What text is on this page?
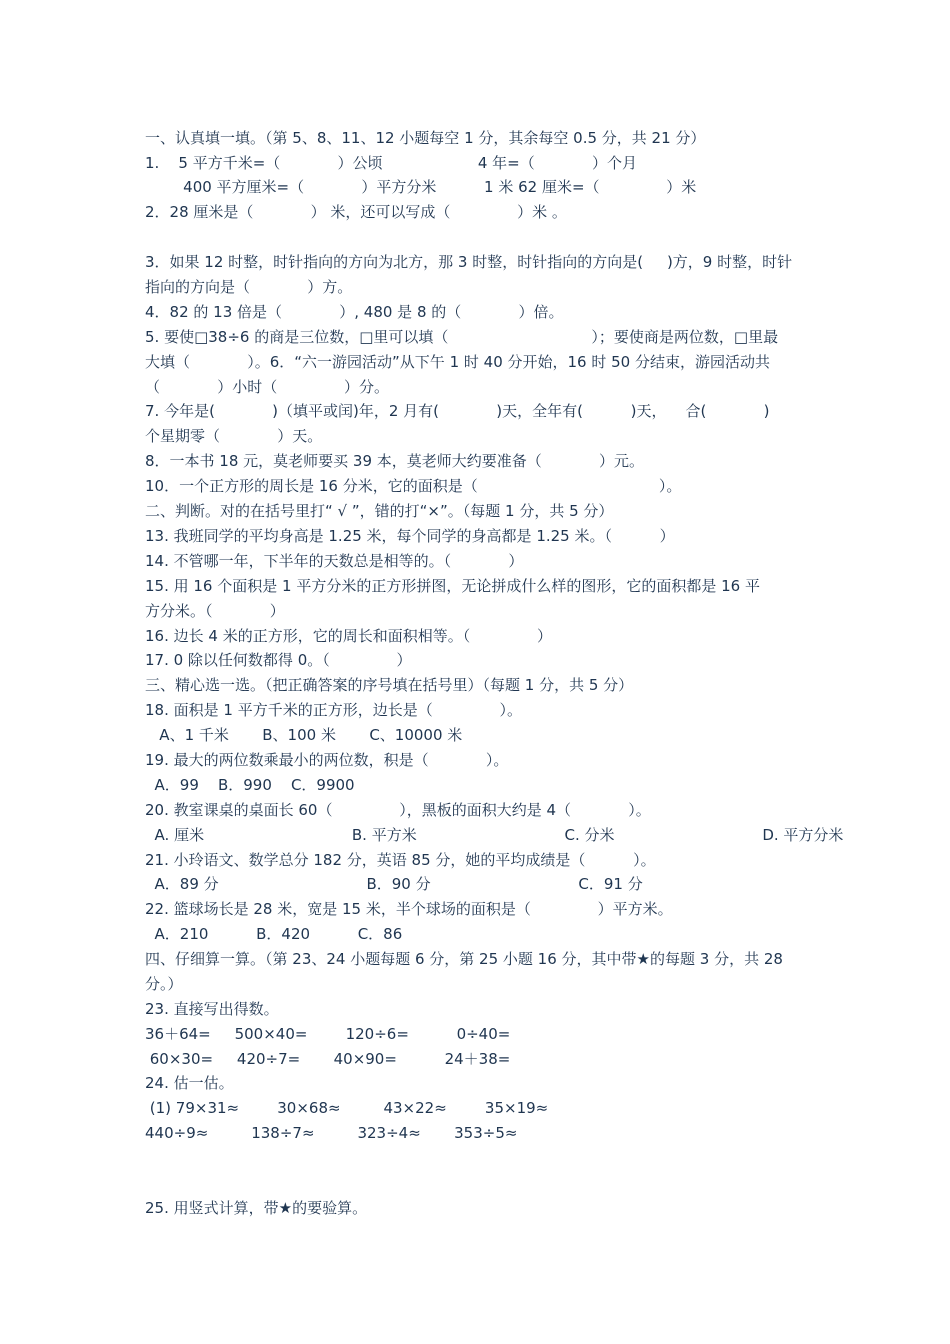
一、认真填一填。（第 5、8、11、12 小题每空 1 分，其余每空 0.5 分，共 21 分）

1.    5 平方千米=（            ）公顷                    4 年=（            ）个月

400 平方厘米=（            ）平方分米          1 米 62 厘米=（              ）米

2．28 厘米是（            ） 米，还可以写成（              ）米 。

3．如果 12 时整，时针指向的方向为北方，那 3 时整，时针指向的方向是(     )方，9 时整，时针

指向的方向是（            ）方。

4．82 的 13 倍是（            ）, 480 是 8 的（            ）倍。

5. 要使□38÷6 的商是三位数，□里可以填（                              ）；要使商是两位数，□里最

大填（            ）。6．“六一游园活动”从下午 1 时 40 分开始，16 时 50 分结束，游园活动共

（            ）小时（              ）分。

7. 今年是(            )（填平或闰)年，2 月有(            )天，全年有(          )天，    合(            )

个星期零（            ）天。

8．一本书 18 元，莫老师要买 39 本，莫老师大约要准备（            ）元。

10．一个正方形的周长是 16 分米，它的面积是（                                      ）。

二、判断。对的在括号里打“ √ ”，错的打“×”。（每题 1 分，共 5 分）

13. 我班同学的平均身高是 1.25 米，每个同学的身高都是 1.25 米。（          ）

14. 不管哪一年，下半年的天数总是相等的。（            ）

15. 用 16 个面积是 1 平方分米的正方形拼图，无论拼成什么样的图形，它的面积都是 16 平

方分米。（            ）

16. 边长 4 米的正方形，它的周长和面积相等。（              ）

17. 0 除以任何数都得 0。（              ）

三、精心选一选。（把正确答案的序号填在括号里）（每题 1 分，共 5 分）

18. 面积是 1 平方千米的正方形，边长是（              ）。

A、1 千米       B、100 米       C、10000 米

19. 最大的两位数乘最小的两位数，积是（            ）。

A．99    B．990    C．9900

20. 教室课桌的桌面长 60（              ），黑板的面积大约是 4（            ）。

A. 厘米                               B. 平方米                               C. 分米                               D. 平方分米

21. 小玲语文、数学总分 182 分，英语 85 分，她的平均成绩是（          ）。

A．89 分                               B．90 分                               C．91 分

22. 篮球场长是 28 米，宽是 15 米，半个球场的面积是（              ）平方米。

A．210          B．420          C．86

四、仔细算一算。（第 23、24 小题每题 6 分，第 25 小题 16 分，其中带★的每题 3 分，共 28

分。）

23. 直接写出得数。

36＋64=     500×40=        120÷6=          0÷40=

60×30=     420÷7=       40×90=          24＋38=

24. 估一估。

(1) 79×31≈        30×68≈         43×22≈        35×19≈

440÷9≈         138÷7≈         323÷4≈       353÷5≈

25. 用竖式计算，带★的要验算。
